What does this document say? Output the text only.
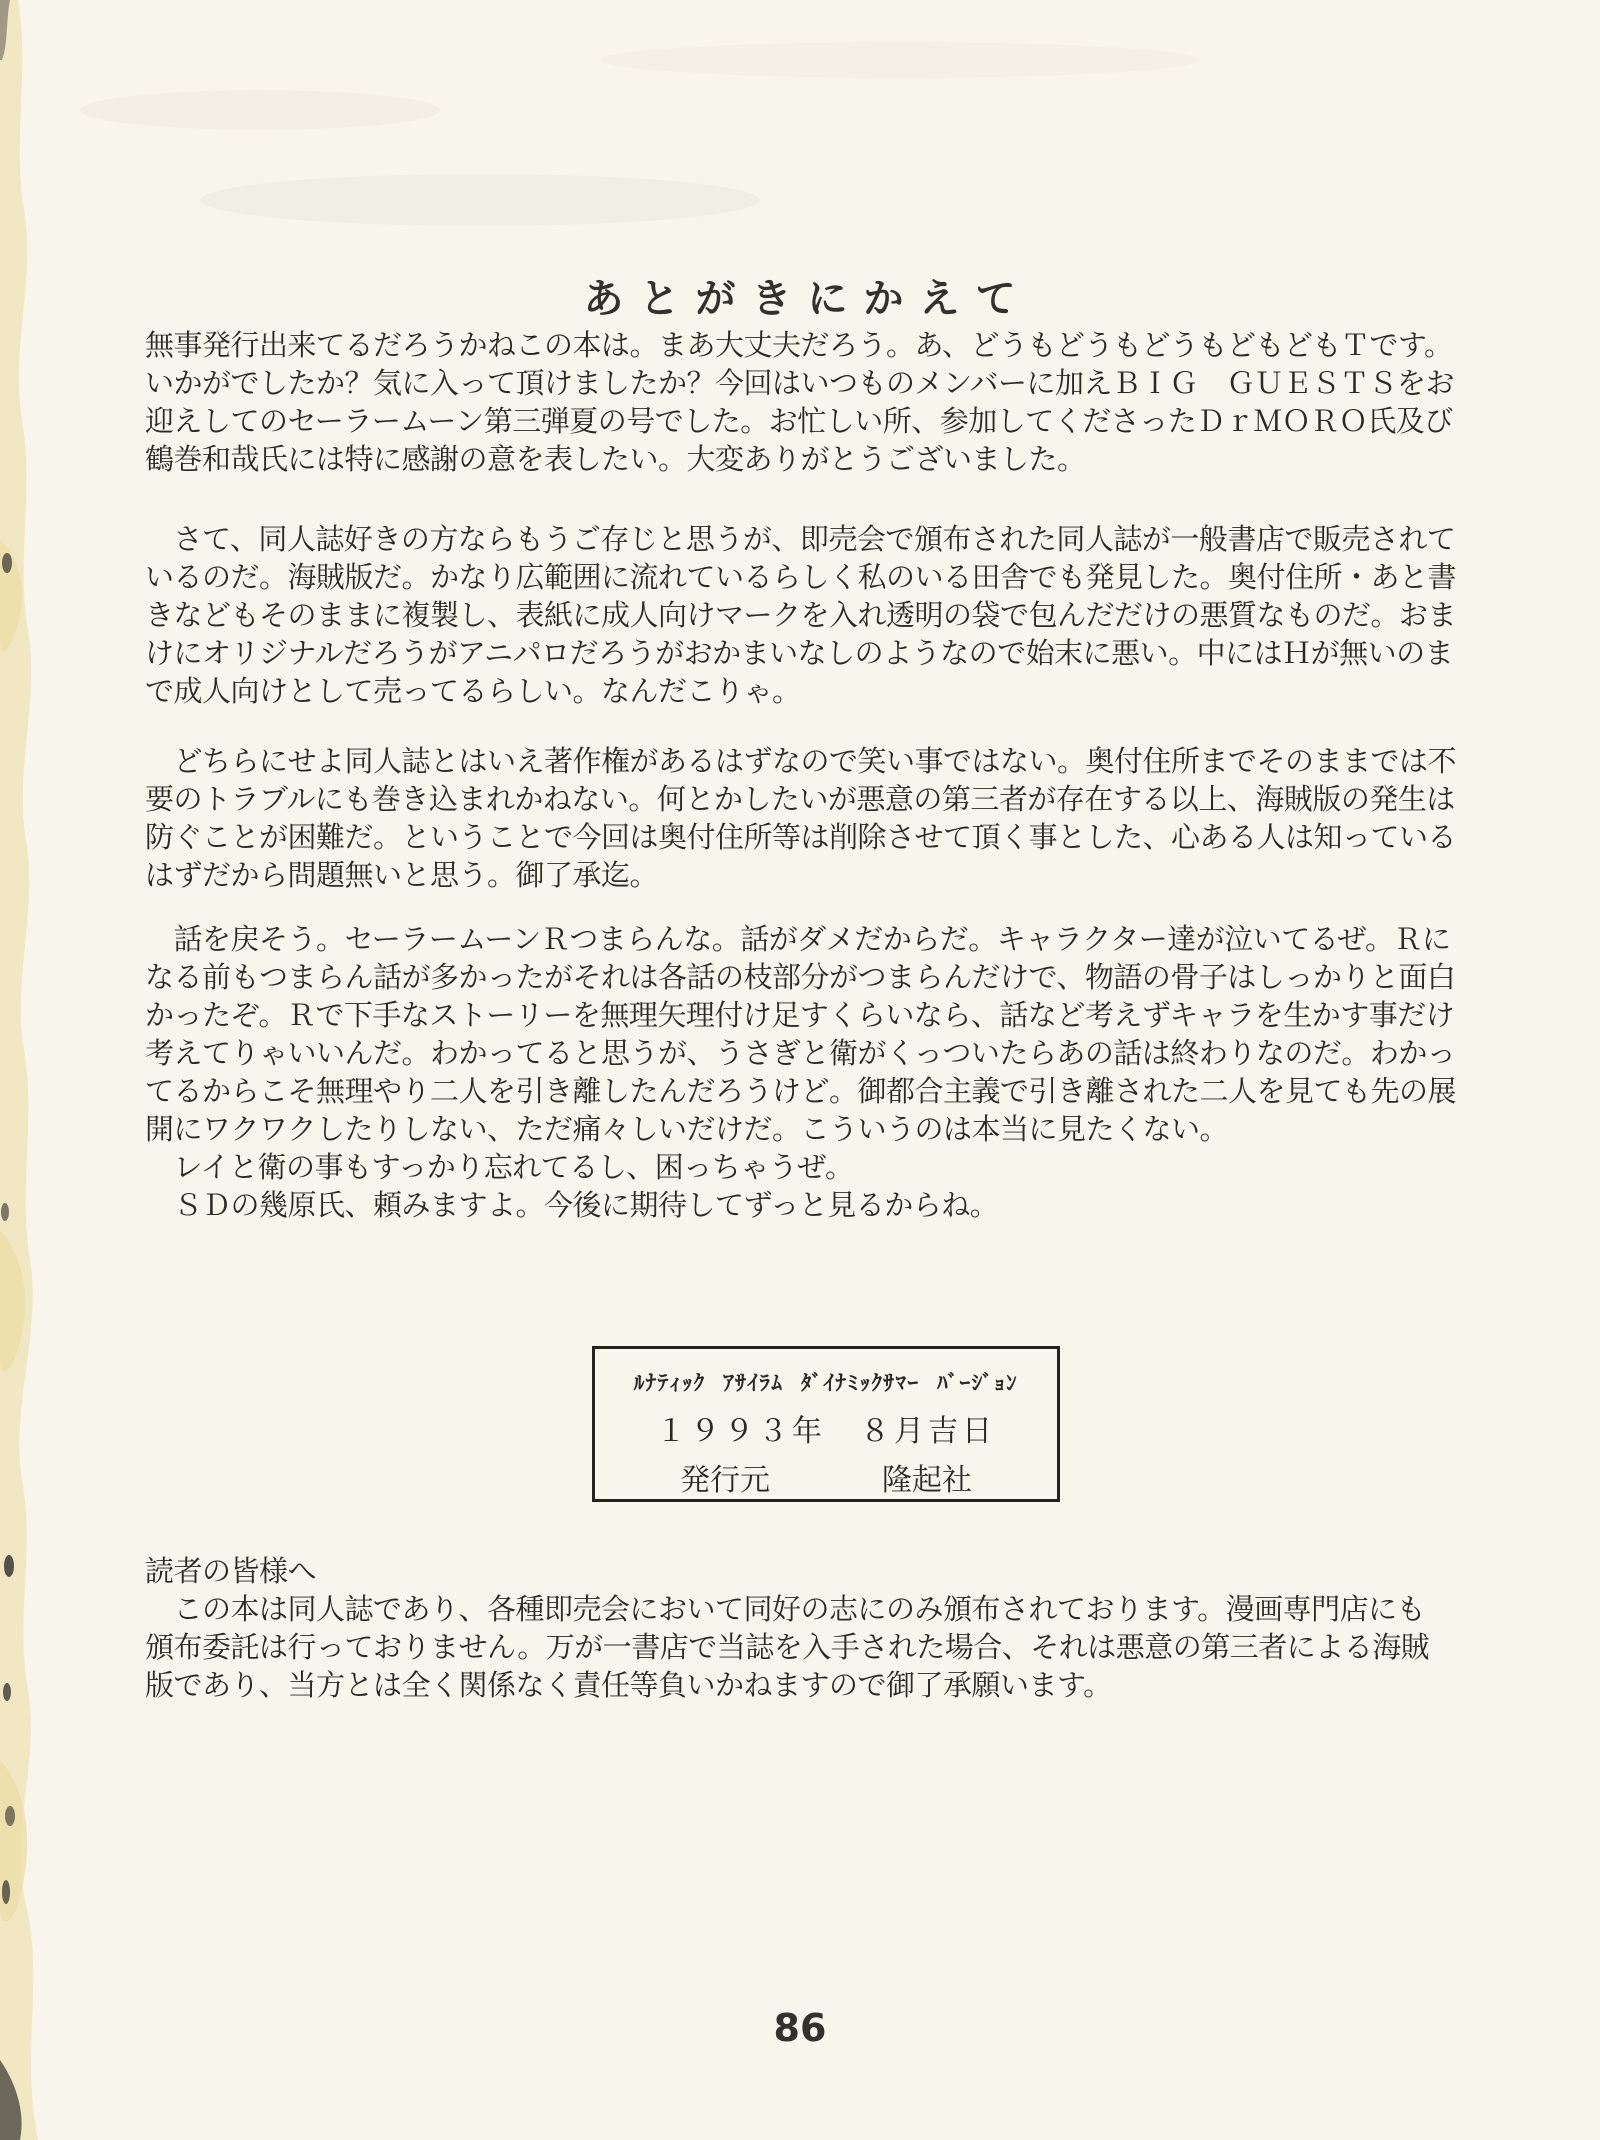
あとがきにかえて
無事発行出来てるだろうかねこの本は。まあ大丈夫だろう。あ、どうもどうもどうもどもどもＴです。
いかがでしたか？気に入って頂けましたか？今回はいつものメンバーに加えＢＩＧ　ＧＵＥＳＴＳをお
迎えしてのセーラームーン第三弾夏の号でした。お忙しい所、参加してくださったＤｒＭＯＲＯ氏及び
鶴巻和哉氏には特に感謝の意を表したい。大変ありがとうございました。
　さて、同人誌好きの方ならもうご存じと思うが、即売会で頒布された同人誌が一般書店で販売されて
いるのだ。海賊版だ。かなり広範囲に流れているらしく私のいる田舎でも発見した。奥付住所・あと書
きなどもそのままに複製し、表紙に成人向けマークを入れ透明の袋で包んだだけの悪質なものだ。おま
けにオリジナルだろうがアニパロだろうがおかまいなしのようなので始末に悪い。中にはＨが無いのま
で成人向けとして売ってるらしい。なんだこりゃ。
　どちらにせよ同人誌とはいえ著作権があるはずなので笑い事ではない。奥付住所までそのままでは不
要のトラブルにも巻き込まれかねない。何とかしたいが悪意の第三者が存在する以上、海賊版の発生は
防ぐことが困難だ。ということで今回は奥付住所等は削除させて頂く事とした、心ある人は知っている
はずだから問題無いと思う。御了承迄。
　話を戻そう。セーラームーンＲつまらんな。話がダメだからだ。キャラクター達が泣いてるぜ。Ｒに
なる前もつまらん話が多かったがそれは各話の枝部分がつまらんだけで、物語の骨子はしっかりと面白
かったぞ。Ｒで下手なストーリーを無理矢理付け足すくらいなら、話など考えずキャラを生かす事だけ
考えてりゃいいんだ。わかってると思うが、うさぎと衛がくっついたらあの話は終わりなのだ。わかっ
てるからこそ無理やり二人を引き離したんだろうけど。御都合主義で引き離された二人を見ても先の展
開にワクワクしたりしない、ただ痛々しいだけだ。こういうのは本当に見たくない。
　レイと衛の事もすっかり忘れてるし、困っちゃうぜ。
　ＳＤの幾原氏、頼みますよ。今後に期待してずっと見るからね。
ﾙﾅﾃｨｯｸ  ｱｻｲﾗﾑ  ﾀﾞｲﾅﾐｯｸｻﾏｰ  ﾊﾞｰｼﾞｮﾝ
１９９３年　８月吉日
発行元	隆起社
読者の皆様へ
　この本は同人誌であり、各種即売会において同好の志にのみ頒布されております。漫画専門店にも
頒布委託は行っておりません。万が一書店で当誌を入手された場合、それは悪意の第三者による海賊
版であり、当方とは全く関係なく責任等負いかねますので御了承願います。
86
